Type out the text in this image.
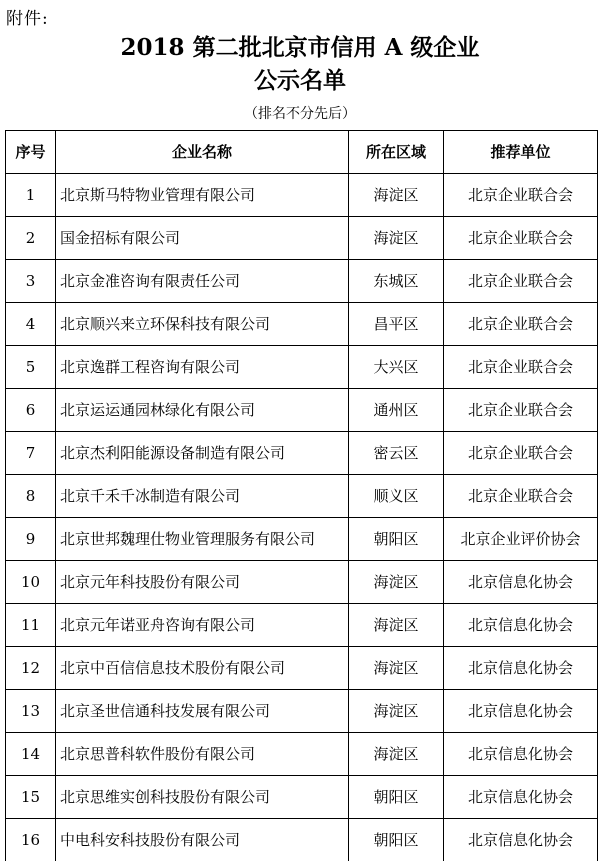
附件:
2018 第二批北京市信用 A 级企业
公示名单
（排名不分先后）
序号	企业名称	所在区域	推荐单位
1	北京斯马特物业管理有限公司	海淀区	北京企业联合会
2	国金招标有限公司	海淀区	北京企业联合会
3	北京金准咨询有限责任公司	东城区	北京企业联合会
4	北京顺兴来立环保科技有限公司	昌平区	北京企业联合会
5	北京逸群工程咨询有限公司	大兴区	北京企业联合会
6	北京运运通园林绿化有限公司	通州区	北京企业联合会
7	北京杰利阳能源设备制造有限公司	密云区	北京企业联合会
8	北京千禾千冰制造有限公司	顺义区	北京企业联合会
9	北京世邦魏理仕物业管理服务有限公司	朝阳区	北京企业评价协会
10	北京元年科技股份有限公司	海淀区	北京信息化协会
11	北京元年诺亚舟咨询有限公司	海淀区	北京信息化协会
12	北京中百信信息技术股份有限公司	海淀区	北京信息化协会
13	北京圣世信通科技发展有限公司	海淀区	北京信息化协会
14	北京思普科软件股份有限公司	海淀区	北京信息化协会
15	北京思维实创科技股份有限公司	朝阳区	北京信息化协会
16	中电科安科技股份有限公司	朝阳区	北京信息化协会
